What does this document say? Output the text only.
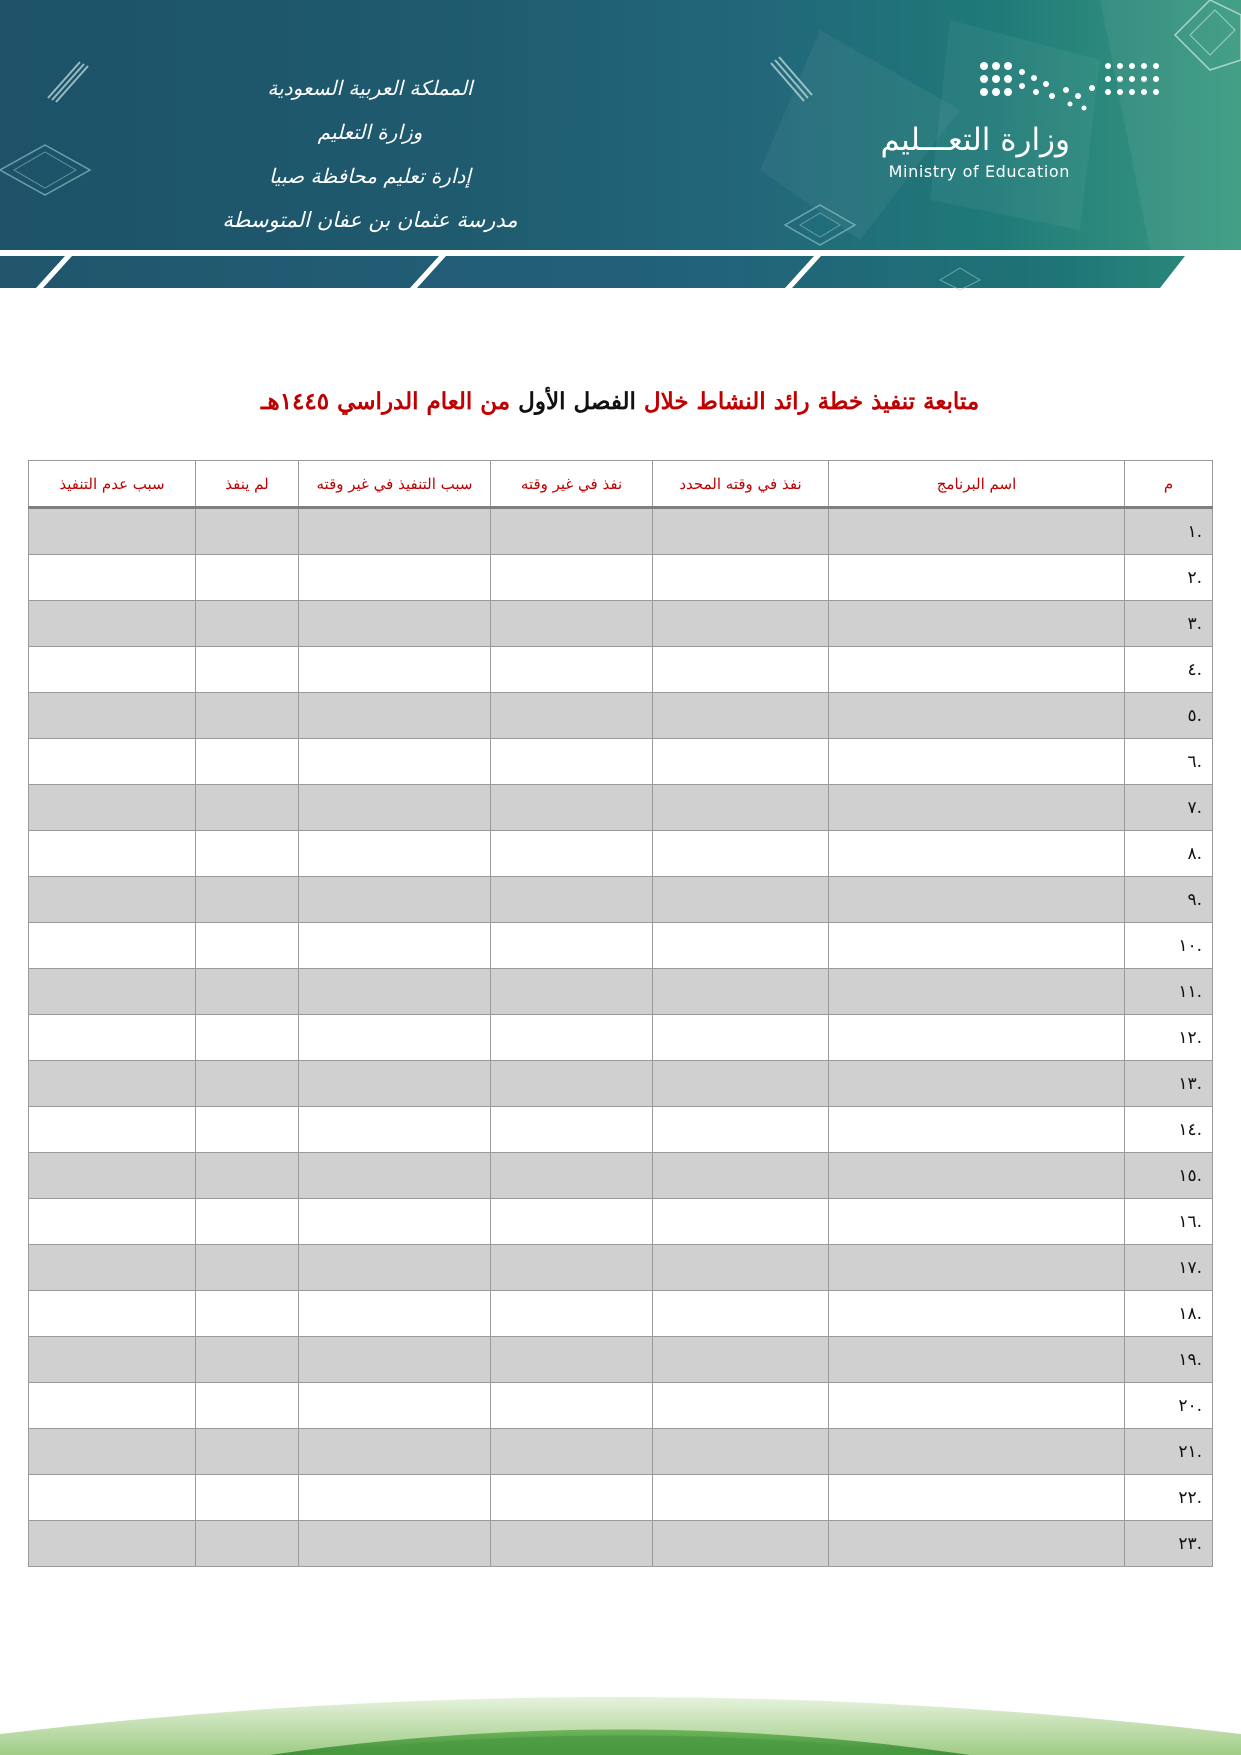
المملكة العربية السعودية
وزارة التعليم
إدارة تعليم محافظة صبيا
مدرسة عثمان بن عفان المتوسطة
وزارة التعـــليم
Ministry of Education
متابعة تنفيذ خطة رائد النشاط خلال الفصل الأول من العام الدراسي ١٤٤٥هـ
م	اسم البرنامج	نفذ في وقته المحدد	نفذ في غير وقته	سبب التنفيذ في غير وقته	لم ينفذ	سبب عدم التنفيذ
.١						
.٢						
.٣						
.٤						
.٥						
.٦						
.٧						
.٨						
.٩						
.١٠						
.١١						
.١٢						
.١٣						
.١٤						
.١٥						
.١٦						
.١٧						
.١٨						
.١٩						
.٢٠						
.٢١						
.٢٢						
.٢٣						
